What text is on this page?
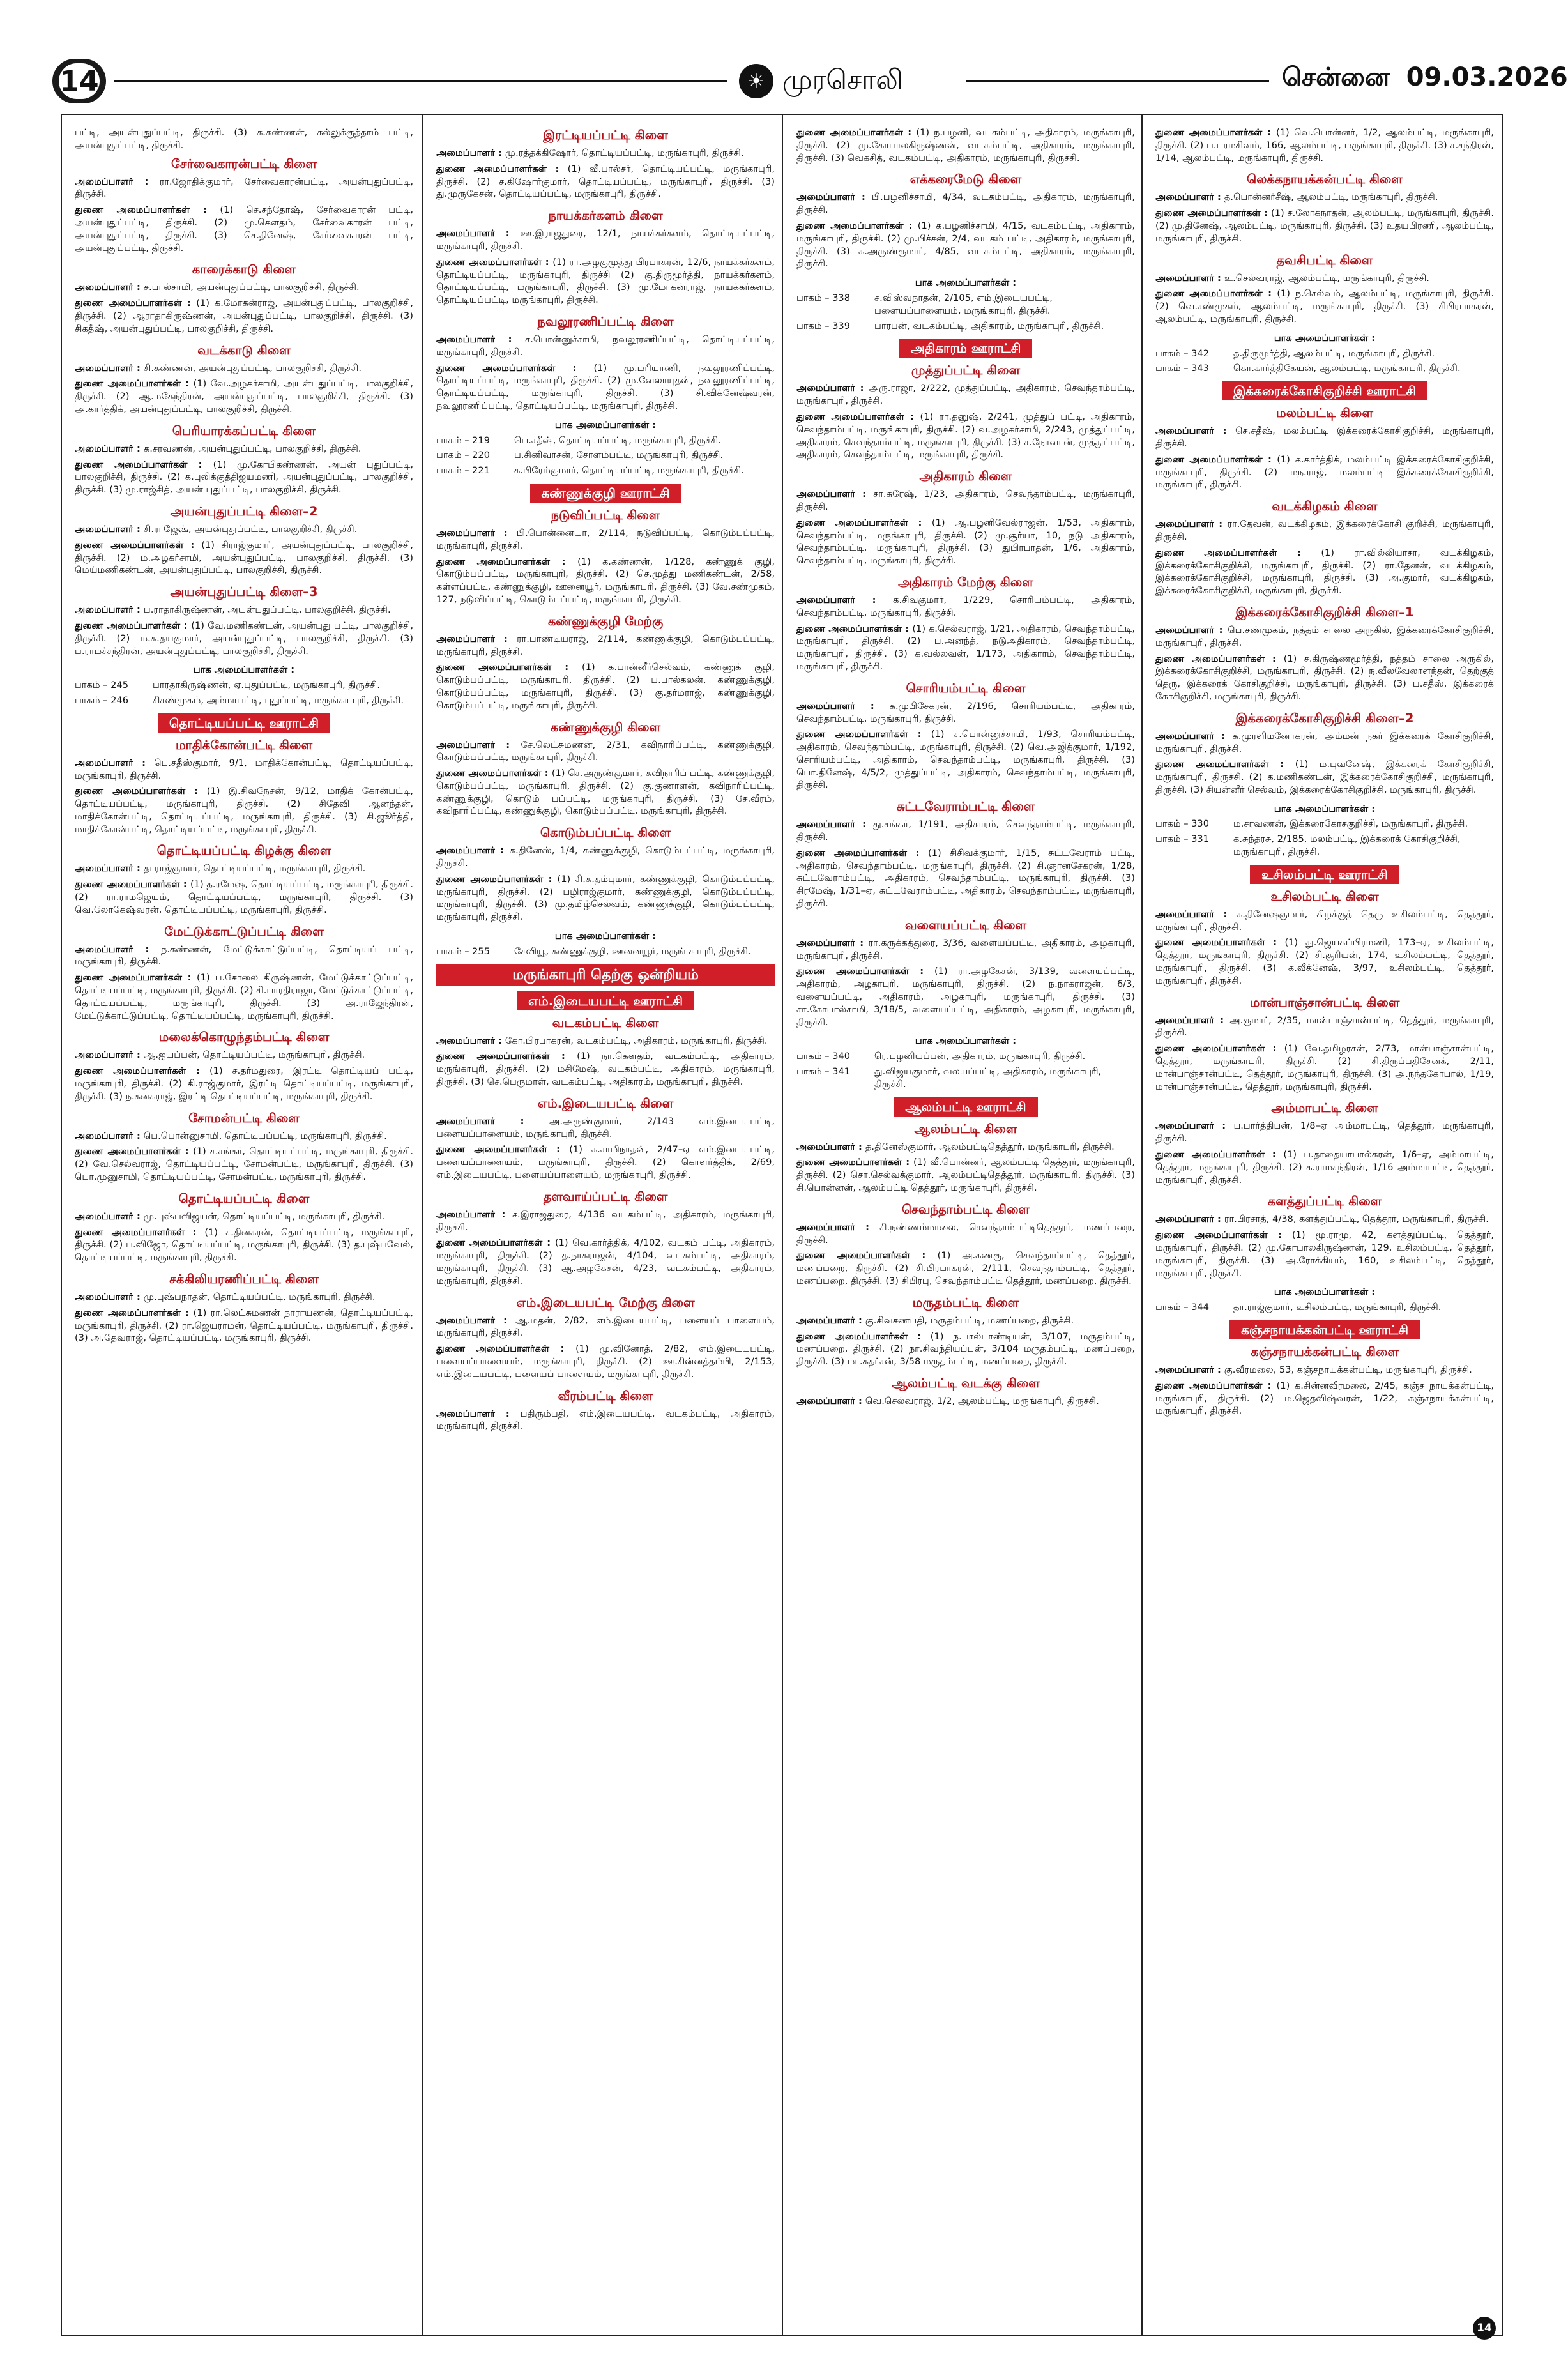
14	☀ முரசொலி	சென்னை 09.03.2026
பட்டி, அயன்புதுப்பட்டி, திருச்சி. (3) க.கண்ணன், கல்லுக்குத்தாம் பட்டி, அயன்புதுப்பட்டி, திருச்சி.
சேர்வைகாரன்பட்டி கிளை
அமைப்பாளர் : ரா.ஜோதிக்குமார், சேர்வைகாரன்பட்டி, அயன்புதுப்பட்டி, திருச்சி.
துணை அமைப்பாளர்கள் : (1) செ.சந்தோஷ், சேர்வைகாரன் பட்டி, அயன்புதுப்பட்டி, திருச்சி. (2) மு.கௌதம், சேர்வைகாரன் பட்டி, அயன்புதுப்பட்டி, திருச்சி. (3) செ.தினேஷ், சேர்வைகாரன் பட்டி, அயன்புதுப்பட்டி, திருச்சி.
காரைக்காடு கிளை
அமைப்பாளர் : ச.பால்சாமி, அயன்புதுப்பட்டி, பாலகுறிச்சி, திருச்சி.
துணை அமைப்பாளர்கள் : (1) க.மோகன்ராஜ், அயன்புதுப்பட்டி, பாலகுறிச்சி, திருச்சி. (2) ஆராதாகிருஷ்ணன், அயன்புதுப்பட்டி, பாலகுறிச்சி, திருச்சி. (3) சிகதீஷ், அயன்புதுப்பட்டி, பாலகுறிச்சி, திருச்சி.
வடக்காடு கிளை
அமைப்பாளர் : சி.கண்ணன், அயன்புதுப்பட்டி, பாலகுறிச்சி, திருச்சி.
துணை அமைப்பாளர்கள் : (1) வே.அழகர்சாமி, அயன்புதுப்பட்டி, பாலகுறிச்சி, திருச்சி. (2) ஆ.மகேந்திரன், அயன்புதுப்பட்டி, பாலகுறிச்சி, திருச்சி. (3) அ.கார்த்திக், அயன்புதுப்பட்டி, பாலகுறிச்சி, திருச்சி.
பெரியாரக்கப்பட்டி கிளை
அமைப்பாளர் : க.சரவணன், அயன்புதுப்பட்டி, பாலகுறிச்சி, திருச்சி.
துணை அமைப்பாளர்கள் : (1) மு.கோபிகண்ணன், அயன் புதுப்பட்டி, பாலகுறிச்சி, திருச்சி. (2) க.புலிக்குத்திஜயமணி, அயன்புதுப்பட்டி, பாலகுறிச்சி, திருச்சி. (3) மு.ராஜ்சித், அயன் புதுப்பட்டி, பாலகுறிச்சி, திருச்சி.
அயன்புதுப்பட்டி கிளை–2
அமைப்பாளர் : சி.ராஜேஷ், அயன்புதுப்பட்டி, பாலகுறிச்சி, திருச்சி.
துணை அமைப்பாளர்கள் : (1) சிராஜ்குமார், அயன்புதுப்பட்டி, பாலகுறிச்சி, திருச்சி. (2) ம.அழகர்சாமி, அயன்புதுப்பட்டி, பாலகுறிச்சி, திருச்சி. (3) மெய்மணிகண்டன், அயன்புதுப்பட்டி, பாலகுறிச்சி, திருச்சி.
அயன்புதுப்பட்டி கிளை–3
அமைப்பாளர் : ப.ராதாகிருஷ்ணன், அயன்புதுப்பட்டி, பாலகுறிச்சி, திருச்சி.
துணை அமைப்பாளர்கள் : (1) வே.மணிகண்டன், அயன்புது பட்டி, பாலகுறிச்சி, திருச்சி. (2) ம.க.தயகுமார், அயன்புதுப்பட்டி, பாலகுறிச்சி, திருச்சி. (3) ப.ராமச்சந்திரன், அயன்புதுப்பட்டி, பாலகுறிச்சி, திருச்சி.
பாக அமைப்பாளர்கள் :
பாகம் – 245	பாரதாகிருஷ்ணன், ஏ.புதுப்பட்டி, மருங்காபுரி, திருச்சி.
பாகம் – 246	சிசண்முகம், அம்மாபட்டி, புதுப்பட்டி, மருங்கா புரி, திருச்சி.
தொட்டியப்பட்டி ஊராட்சி
மாதிக்கோன்பட்டி கிளை
அமைப்பாளர் : பெ.சதீஸ்குமார், 9/1, மாதிக்கோன்பட்டி, தொட்டியப்பட்டி, மருங்காபுரி, திருச்சி.
துணை அமைப்பாளர்கள் : (1) இ.சிவநேசன், 9/12, மாதிக் கோன்பட்டி, தொட்டியப்பட்டி, மருங்காபுரி, திருச்சி. (2) சிதேவி ஆனந்தன், மாதிக்கோன்பட்டி, தொட்டியப்பட்டி, மருங்காபுரி, திருச்சி. (3) சி.ஜூர்த்தி, மாதிக்கோன்பட்டி, தொட்டியப்பட்டி, மருங்காபுரி, திருச்சி.
தொட்டியப்பட்டி கிழக்கு கிளை
அமைப்பாளர் : தாராஜ்குமார், தொட்டியப்பட்டி, மருங்காபுரி, திருச்சி.
துணை அமைப்பாளர்கள் : (1) த.ரமேஷ், தொட்டியப்பட்டி, மருங்காபுரி, திருச்சி. (2) ரா.ராமஜெயம், தொட்டியப்பட்டி, மருங்காபுரி, திருச்சி. (3) வெ.லோகேஷ்வரன், தொட்டியப்பட்டி, மருங்காபுரி, திருச்சி.
மேட்டுக்காட்டுப்பட்டி கிளை
அமைப்பாளர் : ந.கண்ணன், மேட்டுக்காட்டுப்பட்டி, தொட்டியப் பட்டி, மருங்காபுரி, திருச்சி.
துணை அமைப்பாளர்கள் : (1) ப.சோலை கிருஷ்ணன், மேட்டுக்காட்டுப்பட்டி, தொட்டியப்பட்டி, மருங்காபுரி, திருச்சி. (2) சி.பாரதிராஜா, மேட்டுக்காட்டுப்பட்டி, தொட்டியப்பட்டி, மருங்காபுரி, திருச்சி. (3) அ.ராஜேந்திரன், மேட்டுக்காட்டுப்பட்டி, தொட்டியப்பட்டி, மருங்காபுரி, திருச்சி.
மலைக்கொழுந்தம்பட்டி கிளை
அமைப்பாளர் : ஆ.ஐயப்பன், தொட்டியப்பட்டி, மருங்காபுரி, திருச்சி.
துணை அமைப்பாளர்கள் : (1) ச.தர்மதுரை, இரட்டி தொட்டியப் பட்டி, மருங்காபுரி, திருச்சி. (2) கி.ராஜ்குமார், இரட்டி தொட்டியப்பட்டி, மருங்காபுரி, திருச்சி. (3) ந.கனகராஜ், இரட்டி தொட்டியப்பட்டி, மருங்காபுரி, திருச்சி.
சோமன்பட்டி கிளை
அமைப்பாளர் : பெ.பொன்னுசாமி, தொட்டியப்பட்டி, மருங்காபுரி, திருச்சி.
துணை அமைப்பாளர்கள் : (1) ச.சங்கர், தொட்டியப்பட்டி, மருங்காபுரி, திருச்சி. (2) வே.செல்வராஜ், தொட்டியப்பட்டி, சோமன்பட்டி, மருங்காபுரி, திருச்சி. (3) பொ.முனுசாமி, தொட்டியப்பட்டி, சோமன்பட்டி, மருங்காபுரி, திருச்சி.
தொட்டியப்பட்டி கிளை
அமைப்பாளர் : மு.புஷ்பவிஜயன், தொட்டியப்பட்டி, மருங்காபுரி, திருச்சி.
துணை அமைப்பாளர்கள் : (1) ச.தினகரன், தொட்டியப்பட்டி, மருங்காபுரி, திருச்சி. (2) ப.விஜோ, தொட்டியப்பட்டி, மருங்காபுரி, திருச்சி. (3) த.புஷ்பவேல், தொட்டியப்பட்டி, மருங்காபுரி, திருச்சி.
சக்கிலியரணிப்பட்டி கிளை
அமைப்பாளர் : மு.புஷ்பநாதன், தொட்டியப்பட்டி, மருங்காபுரி, திருச்சி.
துணை அமைப்பாளர்கள் : (1) ரா.லெட்சுமணன் நாராயணன், தொட்டியப்பட்டி, மருங்காபுரி, திருச்சி. (2) ரா.ஜெயராமன், தொட்டியப்பட்டி, மருங்காபுரி, திருச்சி. (3) அ.தேவராஜ், தொட்டியப்பட்டி, மருங்காபுரி, திருச்சி.
இரட்டியப்பட்டி கிளை
அமைப்பாளர் : மு.ரத்தக்கிஷோர், தொட்டியப்பட்டி, மருங்காபுரி, திருச்சி.
துணை அமைப்பாளர்கள் : (1) வீ.பால்சர், தொட்டியப்பட்டி, மருங்காபுரி, திருச்சி. (2) ச.கிஷோர்குமார், தொட்டியப்பட்டி, மருங்காபுரி, திருச்சி. (3) து.முருகேசன், தொட்டியப்பட்டி, மருங்காபுரி, திருச்சி.
நாயக்கர்களம் கிளை
அமைப்பாளர் : ஊ.இராஜதுரை, 12/1, நாயக்கர்களம், தொட்டியப்பட்டி, மருங்காபுரி, திருச்சி.
துணை அமைப்பாளர்கள் : (1) ரா.அழகுமுத்து பிரபாகரன், 12/6, நாயக்கர்களம், தொட்டியப்பட்டி, மருங்காபுரி, திருச்சி (2) கு.திருமூர்த்தி, நாயக்கர்களம், தொட்டியப்பட்டி, மருங்காபுரி, திருச்சி. (3) மு.மோகன்ராஜ், நாயக்கர்களம், தொட்டியப்பட்டி, மருங்காபுரி, திருச்சி.
நவலூரணிப்பட்டி கிளை
அமைப்பாளர் : ச.பொன்னுச்சாமி, நவலூரணிப்பட்டி, தொட்டியப்பட்டி, மருங்காபுரி, திருச்சி.
துணை அமைப்பாளர்கள் : (1) மு.மரியாணி, நவலூரணிப்பட்டி, தொட்டியப்பட்டி, மருங்காபுரி, திருச்சி. (2) மு.வேலாயுதன், நவலூரணிப்பட்டி, தொட்டியப்பட்டி, மருங்காபுரி, திருச்சி. (3) சி.விக்னேஷ்வரன், நவலூரணிப்பட்டி, தொட்டியப்பட்டி, மருங்காபுரி, திருச்சி.
பாக அமைப்பாளர்கள் :
பாகம் – 219	பெ.சதீஷ், தொட்டியப்பட்டி, மருங்காபுரி, திருச்சி.
பாகம் – 220	ப.சினிவாசன், சோளம்பட்டி, மருங்காபுரி, திருச்சி.
பாகம் – 221	க.பிரேம்குமார், தொட்டியப்பட்டி, மருங்காபுரி, திருச்சி.
கண்ணுக்குழி ஊராட்சி
நடுவிப்பட்டி கிளை
அமைப்பாளர் : பி.பொன்னையா, 2/114, நடுவிப்பட்டி, கொடும்பப்பட்டி, மருங்காபுரி, திருச்சி.
துணை அமைப்பாளர்கள் : (1) க.கண்ணன், 1/128, கண்ணுக் குழி, கொடும்பப்பட்டி, மருங்காபுரி, திருச்சி. (2) செ.முத்து மணிகண்டன், 2/58, கள்ளப்பட்டி, கண்ணுக்குழி, ஊனையூர், மருங்காபுரி, திருச்சி. (3) வே.சண்முகம், 127, நடுவிப்பட்டி, கொடும்பப்பட்டி, மருங்காபுரி, திருச்சி.
கண்ணுக்குழி மேற்கு
அமைப்பாளர் : ரா.பாண்டியராஜ், 2/114, கண்ணுக்குழி, கொடும்பப்பட்டி, மருங்காபுரி, திருச்சி.
துணை அமைப்பாளர்கள் : (1) க.பான்னீர்செல்வம், கண்ணுக் குழி, கொடும்பப்பட்டி, மருங்காபுரி, திருச்சி. (2) ப.பால்கலன், கண்ணுக்குழி, கொடும்பப்பட்டி, மருங்காபுரி, திருச்சி. (3) கு.தர்மராஜ், கண்ணுக்குழி, கொடும்பப்பட்டி, மருங்காபுரி, திருச்சி.
கண்ணுக்குழி கிளை
அமைப்பாளர் : சே.லெட்சுமணன், 2/31, கவிநாரிப்பட்டி, கண்ணுக்குழி, கொடும்பப்பட்டி, மருங்காபுரி, திருச்சி.
துணை அமைப்பாளர்கள் : (1) செ.அருண்குமார், கவிநாரிப் பட்டி, கண்ணுக்குழி, கொடும்பப்பட்டி, மருங்காபுரி, திருச்சி. (2) கு.குணாளன், கவிநாரிப்பட்டி, கண்ணுக்குழி, கொடும் பப்பட்டி, மருங்காபுரி, திருச்சி. (3) சே.வீரம், கவிநாரிப்பட்டி, கண்ணுக்குழி, கொடும்பப்பட்டி, மருங்காபுரி, திருச்சி.
கொடும்பப்பட்டி கிளை
அமைப்பாளர் : க.தினேஸ், 1/4, கண்ணுக்குழி, கொடும்பப்பட்டி, மருங்காபுரி, திருச்சி.
துணை அமைப்பாளர்கள் : (1) சி.க.தம்புமார், கண்ணுக்குழி, கொடும்பப்பட்டி, மருங்காபுரி, திருச்சி. (2) பழிராஜ்குமார், கண்ணுக்குழி, கொடும்பப்பட்டி, மருங்காபுரி, திருச்சி. (3) மு.தமிழ்செல்வம், கண்ணுக்குழி, கொடும்பப்பட்டி, மருங்காபுரி, திருச்சி.
பாக அமைப்பாளர்கள் :
பாகம் – 255	சேவியூ, கண்ணுக்குழி, ஊனையூர், மருங் காபுரி, திருச்சி.
மருங்காபுரி தெற்கு ஒன்றியம்
எம்.இடையபட்டி ஊராட்சி
வடகம்பட்டி கிளை
அமைப்பாளர் : கோ.பிரபாகரன், வடகம்பட்டி, அதிகாரம், மருங்காபுரி, திருச்சி.
துணை அமைப்பாளர்கள் : (1) நா.கௌதம், வடகம்பட்டி, அதிகாரம், மருங்காபுரி, திருச்சி. (2) மசிமேஷ், வடகம்பட்டி, அதிகாரம், மருங்காபுரி, திருச்சி. (3) செ.பெருமாள், வடகம்பட்டி, அதிகாரம், மருங்காபுரி, திருச்சி.
எம்.இடையபட்டி கிளை
அமைப்பாளர் : அ.அருண்குமார், 2/143 எம்.இடையபட்டி, பளையப்பாளையம், மருங்காபுரி, திருச்சி.
துணை அமைப்பாளர்கள் : (1) க.சாமிநாதன், 2/47–ஏ எம்.இடையபட்டி, பளையப்பாளையம், மருங்காபுரி, திருச்சி. (2) கொளர்த்திக், 2/69, எம்.இடையபட்டி, பளையப்பாளையம், மருங்காபுரி, திருச்சி.
தளவாய்ப்பட்டி கிளை
அமைப்பாளர் : ச.இராஜதுரை, 4/136 வடகம்பட்டி, அதிகாரம், மருங்காபுரி, திருச்சி.
துணை அமைப்பாளர்கள் : (1) வெ.கார்த்திக், 4/102, வடகம் பட்டி, அதிகாரம், மருங்காபுரி, திருச்சி. (2) த.நாகராஜன், 4/104, வடகம்பட்டி, அதிகாரம், மருங்காபுரி, திருச்சி. (3) ஆ.அழகேசன், 4/23, வடகம்பட்டி, அதிகாரம், மருங்காபுரி, திருச்சி.
எம்.இடையபட்டி மேற்கு கிளை
அமைப்பாளர் : ஆ.மதன், 2/82, எம்.இடையபட்டி, பளையப் பாளையம், மருங்காபுரி, திருச்சி.
துணை அமைப்பாளர்கள் : (1) மு.வினோத், 2/82, எம்.இடையபட்டி, பளையப்பாளையம், மருங்காபுரி, திருச்சி. (2) ஊ.சின்னத்தம்பி, 2/153, எம்.இடையபட்டி, பளையப் பாளையம், மருங்காபுரி, திருச்சி.
வீரம்பட்டி கிளை
அமைப்பாளர் : பதிரும்பதி, எம்.இடையபட்டி, வடகம்பட்டி, அதிகாரம், மருங்காபுரி, திருச்சி.
துணை அமைப்பாளர்கள் : (1) ந.பழனி, வடகம்பட்டி, அதிகாரம், மருங்காபுரி, திருச்சி. (2) மு.கோபாலகிருஷ்ணன், வடகம்பட்டி, அதிகாரம், மருங்காபுரி, திருச்சி. (3) வெகசித், வடகம்பட்டி, அதிகாரம், மருங்காபுரி, திருச்சி.
எக்கரைமேடு கிளை
அமைப்பாளர் : பி.பழனிச்சாமி, 4/34, வடகம்பட்டி, அதிகாரம், மருங்காபுரி, திருச்சி.
துணை அமைப்பாளர்கள் : (1) க.பழனிச்சாமி, 4/15, வடகம்பட்டி, அதிகாரம், மருங்காபுரி, திருச்சி. (2) மு.பிச்சன், 2/4, வடகம் பட்டி, அதிகாரம், மருங்காபுரி, திருச்சி. (3) க.அருண்குமார், 4/85, வடகம்பட்டி, அதிகாரம், மருங்காபுரி, திருச்சி.
பாக அமைப்பாளர்கள் :
பாகம் – 338	ச.விஸ்வநாதன், 2/105, எம்.இடையபட்டி, பளையப்பாளையம், மருங்காபுரி, திருச்சி.
பாகம் – 339	பாரபன், வடகம்பட்டி, அதிகாரம், மருங்காபுரி, திருச்சி.
அதிகாரம் ஊராட்சி
முத்துப்பட்டி கிளை
அமைப்பாளர் : அரு.ராஜா, 2/222, முத்துப்பட்டி, அதிகாரம், செவந்தாம்பட்டி, மருங்காபுரி, திருச்சி.
துணை அமைப்பாளர்கள் : (1) ரா.தனுஷ், 2/241, முத்துப் பட்டி, அதிகாரம், செவந்தாம்பட்டி, மருங்காபுரி, திருச்சி. (2) வ.அழகர்சாமி, 2/243, முத்துப்பட்டி, அதிகாரம், செவந்தாம்பட்டி, மருங்காபுரி, திருச்சி. (3) ச.நோவான், முத்துப்பட்டி, அதிகாரம், செவந்தாம்பட்டி, மருங்காபுரி, திருச்சி.
அதிகாரம் கிளை
அமைப்பாளர் : சா.சுரேஷ், 1/23, அதிகாரம், செவந்தாம்பட்டி, மருங்காபுரி, திருச்சி.
துணை அமைப்பாளர்கள் : (1) ஆ.பழனிவேல்ராஜன், 1/53, அதிகாரம், செவந்தாம்பட்டி, மருங்காபுரி, திருச்சி. (2) மு.சூர்யா, 10, நடு அதிகாரம், செவந்தாம்பட்டி, மருங்காபுரி, திருச்சி. (3) துபிரபாதன், 1/6, அதிகாரம், செவந்தாம்பட்டி, மருங்காபுரி, திருச்சி.
அதிகாரம் மேற்கு கிளை
அமைப்பாளர் : க.சிவகுமார், 1/229, சொரியம்பட்டி, அதிகாரம், செவந்தாம்பட்டி, மருங்காபுரி, திருச்சி.
துணை அமைப்பாளர்கள் : (1) க.செல்வராஜ், 1/21, அதிகாரம், செவந்தாம்பட்டி, மருங்காபுரி, திருச்சி. (2) ப.அனந்த், நடுஅதிகாரம், செவந்தாம்பட்டி, மருங்காபுரி, திருச்சி. (3) க.வல்லவன், 1/173, அதிகாரம், செவந்தாம்பட்டி, மருங்காபுரி, திருச்சி.
சொரியம்பட்டி கிளை
அமைப்பாளர் : க.முபிசேகரன், 2/196, சொரியம்பட்டி, அதிகாரம், செவந்தாம்பட்டி, மருங்காபுரி, திருச்சி.
துணை அமைப்பாளர்கள் : (1) ச.பொன்னுச்சாமி, 1/93, சொரியம்பட்டி, அதிகாரம், செவந்தாம்பட்டி, மருங்காபுரி, திருச்சி. (2) வெ.அஜித்குமார், 1/192, சொரியம்பட்டி, அதிகாரம், செவந்தாம்பட்டி, மருங்காபுரி, திருச்சி. (3) பொ.தினேஷ், 4/5/2, முத்துப்பட்டி, அதிகாரம், செவந்தாம்பட்டி, மருங்காபுரி, திருச்சி.
சுட்டவேராம்பட்டி கிளை
அமைப்பாளர் : து.சங்கர், 1/191, அதிகாரம், செவந்தாம்பட்டி, மருங்காபுரி, திருச்சி.
துணை அமைப்பாளர்கள் : (1) சிசிவக்குமார், 1/15, சுட்டவேராம் பட்டி, அதிகாரம், செவந்தாம்பட்டி, மருங்காபுரி, திருச்சி. (2) சி.ஞானசேகரன், 1/28, சுட்டவேராம்பட்டி, அதிகாரம், செவந்தாம்பட்டி, மருங்காபுரி, திருச்சி. (3) சிரமேஷ், 1/31–ஏ, சுட்டவேராம்பட்டி, அதிகாரம், செவந்தாம்பட்டி, மருங்காபுரி, திருச்சி.
வளையப்பட்டி கிளை
அமைப்பாளர் : ரா.கருக்கத்துரை, 3/36, வளையப்பட்டி, அதிகாரம், அழகாபுரி, மருங்காபுரி, திருச்சி.
துணை அமைப்பாளர்கள் : (1) ரா.அழகேசன், 3/139, வளையப்பட்டி, அதிகாரம், அழகாபுரி, மருங்காபுரி, திருச்சி. (2) ந.நாகராஜன், 6/3, வளையப்பட்டி, அதிகாரம், அழகாபுரி, மருங்காபுரி, திருச்சி. (3) சா.கோபால்சாமி, 3/18/5, வளையப்பட்டி, அதிகாரம், அழகாபுரி, மருங்காபுரி, திருச்சி.
பாக அமைப்பாளர்கள் :
பாகம் – 340	ரெ.பழனியப்பன், அதிகாரம், மருங்காபுரி, திருச்சி.
பாகம் – 341	து.விஜயகுமார், வலயப்பட்டி, அதிகாரம், மருங்காபுரி, திருச்சி.
ஆலம்பட்டி ஊராட்சி
ஆலம்பட்டி கிளை
அமைப்பாளர் : த.தினேஸ்குமார், ஆலம்பட்டிதெத்தூர், மருங்காபுரி, திருச்சி.
துணை அமைப்பாளர்கள் : (1) வீ.பொன்னர், ஆலம்பட்டி தெத்தூர், மருங்காபுரி, திருச்சி. (2) சொ.செல்வக்குமார், ஆலம்பட்டிதெத்தூர், மருங்காபுரி, திருச்சி. (3) சி.பொன்னன், ஆலம்பட்டி தெத்தூர், மருங்காபுரி, திருச்சி.
செவந்தாம்பட்டி கிளை
அமைப்பாளர் : சி.நண்ணம்மாலை, செவந்தாம்பட்டிதெத்தூர், மணப்பறை, திருச்சி.
துணை அமைப்பாளர்கள் : (1) அ.கணகு, செவந்தாம்பட்டி, தெத்தூர், மணப்பறை, திருச்சி. (2) சி.பிரபாகரன், 2/111, செவந்தாம்பட்டி, தெத்தூர், மணப்பறை, திருச்சி. (3) சிபிரபு, செவந்தாம்பட்டி தெத்தூர், மணப்பறை, திருச்சி.
மருதம்பட்டி கிளை
அமைப்பாளர் : கு.சிவசணபதி, மருதம்பட்டி, மணப்பறை, திருச்சி.
துணை அமைப்பாளர்கள் : (1) ந.பால்பாண்டியன், 3/107, மருதம்பட்டி, மணப்பறை, திருச்சி. (2) நா.சிவந்தியப்பன், 3/104 மருதம்பட்டி, மணப்பறை, திருச்சி. (3) மா.கதர்சன், 3/58 மருதம்பட்டி, மணப்பறை, திருச்சி.
ஆலம்பட்டி வடக்கு கிளை
அமைப்பாளர் : வெ.செல்வராஜ், 1/2, ஆலம்பட்டி, மருங்காபுரி, திருச்சி.
துணை அமைப்பாளர்கள் : (1) வெ.பொன்னர், 1/2, ஆலம்பட்டி, மருங்காபுரி, திருச்சி. (2) ப.பரமசிவம், 166, ஆலம்பட்டி, மருங்காபுரி, திருச்சி. (3) ச.சந்திரன், 1/14, ஆலம்பட்டி, மருங்காபுரி, திருச்சி.
லெக்கநாயக்கன்பட்டி கிளை
அமைப்பாளர் : த.பொன்னர்சீஷ், ஆலம்பட்டி, மருங்காபுரி, திருச்சி.
துணை அமைப்பாளர்கள் : (1) ச.லோகநாதன், ஆலம்பட்டி, மருங்காபுரி, திருச்சி. (2) மு.தினேஷ், ஆலம்பட்டி, மருங்காபுரி, திருச்சி. (3) உதயபிரணி, ஆலம்பட்டி, மருங்காபுரி, திருச்சி.
தவசிபட்டி கிளை
அமைப்பாளர் : உ.செல்வராஜ், ஆலம்பட்டி, மருங்காபுரி, திருச்சி.
துணை அமைப்பாளர்கள் : (1) ந.செல்வம், ஆலம்பட்டி, மருங்காபுரி, திருச்சி. (2) வெ.சண்முகம், ஆலம்பட்டி, மருங்காபுரி, திருச்சி. (3) சிபிரபாகரன், ஆலம்பட்டி, மருங்காபுரி, திருச்சி.
பாக அமைப்பாளர்கள் :
பாகம் – 342	த.திருமூர்த்தி, ஆலம்பட்டி, மருங்காபுரி, திருச்சி.
பாகம் – 343	கொ.கார்த்திகேயன், ஆலம்பட்டி, மருங்காபுரி, திருச்சி.
இக்கரைக்கோசிகுறிச்சி ஊராட்சி
மலம்பட்டி கிளை
அமைப்பாளர் : செ.சதீஷ், மலம்பட்டி இக்கரைக்கோசிகுறிச்சி, மருங்காபுரி, திருச்சி.
துணை அமைப்பாளர்கள் : (1) க.கார்த்திக், மலம்பட்டி இக்கரைக்கோசிகுறிச்சி, மருங்காபுரி, திருச்சி. (2) மந.ராஜ், மலம்பட்டி இக்கரைக்கோசிகுறிச்சி, மருங்காபுரி, திருச்சி.
வடக்கிழகம் கிளை
அமைப்பாளர் : ரா.தேவன், வடக்கிழகம், இக்கரைக்கோசி குறிச்சி, மருங்காபுரி, திருச்சி.
துணை அமைப்பாளர்கள் : (1) ரா.வில்லியாசா, வடக்கிழகம், இக்கரைக்கோசிகுறிச்சி, மருங்காபுரி, திருச்சி. (2) ரா.தேனன், வடக்கிழகம், இக்கரைக்கோசிகுறிச்சி, மருங்காபுரி, திருச்சி. (3) அ.குமார், வடக்கிழகம், இக்கரைக்கோசிகுறிச்சி, மருங்காபுரி, திருச்சி.
இக்கரைக்கோசிகுறிச்சி கிளை–1
அமைப்பாளர் : பெ.சண்முகம், நத்தம் சாலை அருகில், இக்கரைக்கோசிகுறிச்சி, மருங்காபுரி, திருச்சி.
துணை அமைப்பாளர்கள் : (1) ச.கிருஷ்ணமூர்த்தி, நத்தம் சாலை அருகில், இக்கரைக்கோசிகுறிச்சி, மருங்காபுரி, திருச்சி. (2) ந.வீலவேலாளந்தன், தெற்குத் தெரு, இக்கரைக் கோசிகுறிச்சி, மருங்காபுரி, திருச்சி. (3) ப.சதீஸ், இக்கரைக் கோசிகுறிச்சி, மருங்காபுரி, திருச்சி.
இக்கரைக்கோசிகுறிச்சி கிளை–2
அமைப்பாளர் : க.முரளிமனோகரன், அம்மன் நகர் இக்கரைக் கோசிகுறிச்சி, மருங்காபுரி, திருச்சி.
துணை அமைப்பாளர்கள் : (1) ம.புவனேஷ், இக்கரைக் கோசிகுறிச்சி, மருங்காபுரி, திருச்சி. (2) க.மணிகண்டன், இக்கரைக்கோசிகுறிச்சி, மருங்காபுரி, திருச்சி. (3) சியன்னீர் செல்வம், இக்கரைக்கோசிகுறிச்சி, மருங்காபுரி, திருச்சி.
பாக அமைப்பாளர்கள் :
பாகம் – 330	ம.சரவணன், இக்கரைகோசகுறிச்சி, மருங்காபுரி, திருச்சி.
பாகம் – 331	க.சுந்தரசு, 2/185, மலம்பட்டி, இக்கரைக் கோசிகுறிச்சி, மருங்காபுரி, திருச்சி.
உசிலம்பட்டி ஊராட்சி
உசிலம்பட்டி கிளை
அமைப்பாளர் : க.தினேஷ்குமார், கிழக்குத் தெரு உசிலம்பட்டி, தெத்தூர், மருங்காபுரி, திருச்சி.
துணை அமைப்பாளர்கள் : (1) து.ஜெயசுப்பிரமணி, 173–ஏ, உசிலம்பட்டி, தெத்தூர், மருங்காபுரி, திருச்சி. (2) சி.சூரியன், 174, உசிலம்பட்டி, தெத்தூர், மருங்காபுரி, திருச்சி. (3) க.வீக்னேஷ், 3/97, உசிலம்பட்டி, தெத்தூர், மருங்காபுரி, திருச்சி.
மான்பாஞ்சான்பட்டி கிளை
அமைப்பாளர் : அ.குமார், 2/35, மான்பாஞ்சான்பட்டி, தெத்தூர், மருங்காபுரி, திருச்சி.
துணை அமைப்பாளர்கள் : (1) வே.தமிழரசன், 2/73, மான்பாஞ்சான்பட்டி, தெத்தூர், மருங்காபுரி, திருச்சி. (2) சி.திருப்பதிசேனக், 2/11, மான்பாஞ்சான்பட்டி, தெத்தூர், மருங்காபுரி, திருச்சி. (3) அ.நந்தகோபால், 1/19, மான்பாஞ்சான்பட்டி, தெத்தூர், மருங்காபுரி, திருச்சி.
அம்மாபட்டி கிளை
அமைப்பாளர் : ப.பார்த்திபன், 1/8–ஏ அம்மாபட்டி, தெத்தூர், மருங்காபுரி, திருச்சி.
துணை அமைப்பாளர்கள் : (1) ப.தாதையாபால்கரன், 1/6–ஏ, அம்மாபட்டி, தெத்தூர், மருங்காபுரி, திருச்சி. (2) க.ராமசந்திரன், 1/16 அம்மாபட்டி, தெத்தூர், மருங்காபுரி, திருச்சி.
களத்துப்பட்டி கிளை
அமைப்பாளர் : ரா.பிரசாத், 4/38, களத்துப்பட்டி, தெத்தூர், மருங்காபுரி, திருச்சி.
துணை அமைப்பாளர்கள் : (1) மூ.ராமு, 42, களத்துப்பட்டி, தெத்தூர், மருங்காபுரி, திருச்சி. (2) மு.கோபாலகிருஷ்ணன், 129, உசிலம்பட்டி, தெத்தூர், மருங்காபுரி, திருச்சி. (3) அ.ரோக்கியம், 160, உசிலம்பட்டி, தெத்தூர், மருங்காபுரி, திருச்சி.
பாக அமைப்பாளர்கள் :
பாகம் – 344	தா.ராஜ்குமார், உசிலம்பட்டி, மருங்காபுரி, திருச்சி.
கஞ்சநாயக்கன்பட்டி ஊராட்சி
கஞ்சநாயக்கன்பட்டி கிளை
அமைப்பாளர் : கு.வீரமலை, 53, கஞ்சநாயக்கன்பட்டி, மருங்காபுரி, திருச்சி.
துணை அமைப்பாளர்கள் : (1) க.சின்னவீரமலை, 2/45, கஞ்ச நாயக்கன்பட்டி, மருங்காபுரி, திருச்சி. (2) ம.ஜெதவிஷ்வரன், 1/22, கஞ்சநாயக்கன்பட்டி, மருங்காபுரி, திருச்சி.
14
